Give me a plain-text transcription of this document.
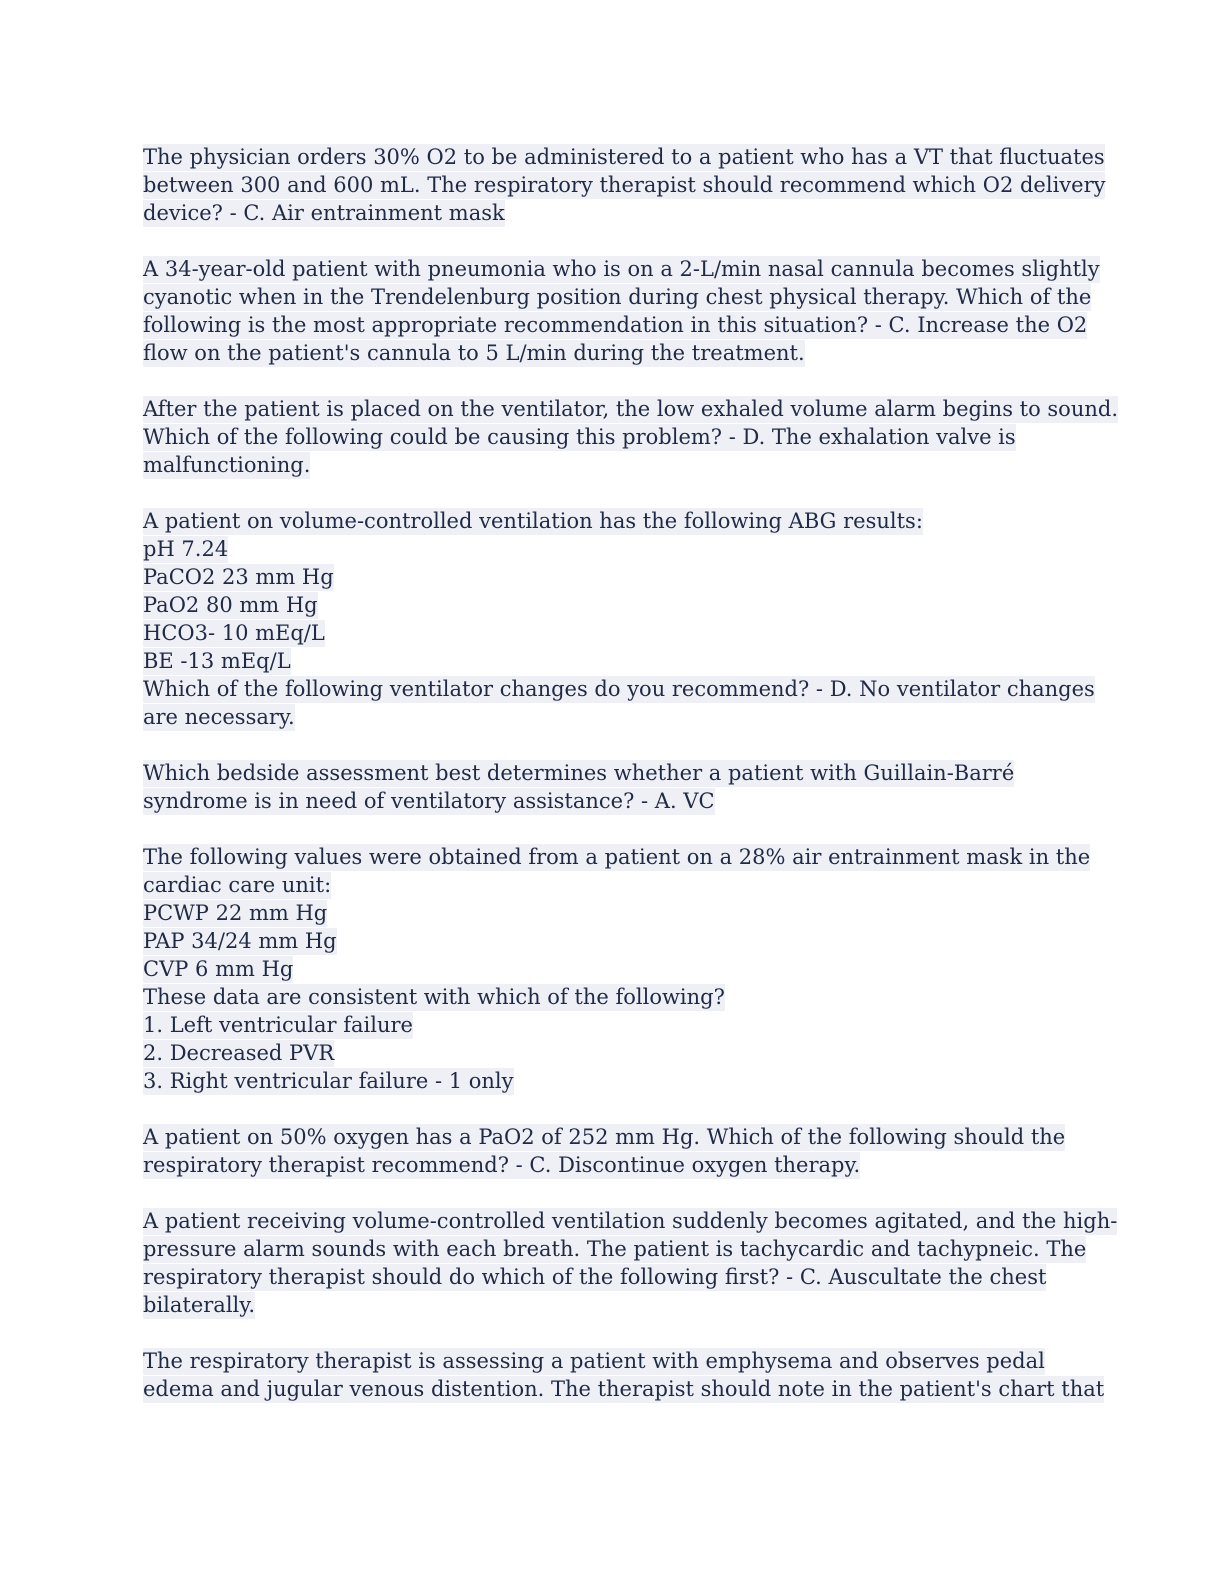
The physician orders 30% O2 to be administered to a patient who has a VT that fluctuates
between 300 and 600 mL. The respiratory therapist should recommend which O2 delivery
device? - C. Air entrainment mask
A 34-year-old patient with pneumonia who is on a 2-L/min nasal cannula becomes slightly
cyanotic when in the Trendelenburg position during chest physical therapy. Which of the
following is the most appropriate recommendation in this situation? - C. Increase the O2
flow on the patient's cannula to 5 L/min during the treatment.
After the patient is placed on the ventilator, the low exhaled volume alarm begins to sound.
Which of the following could be causing this problem? - D. The exhalation valve is
malfunctioning.
A patient on volume-controlled ventilation has the following ABG results:
pH 7.24
PaCO2 23 mm Hg
PaO2 80 mm Hg
HCO3- 10 mEq/L
BE -13 mEq/L
Which of the following ventilator changes do you recommend? - D. No ventilator changes
are necessary.
Which bedside assessment best determines whether a patient with Guillain-Barré
syndrome is in need of ventilatory assistance? - A. VC
The following values were obtained from a patient on a 28% air entrainment mask in the
cardiac care unit:
PCWP 22 mm Hg
PAP 34/24 mm Hg
CVP 6 mm Hg
These data are consistent with which of the following?
1. Left ventricular failure
2. Decreased PVR
3. Right ventricular failure - 1 only
A patient on 50% oxygen has a PaO2 of 252 mm Hg. Which of the following should the
respiratory therapist recommend? - C. Discontinue oxygen therapy.
A patient receiving volume-controlled ventilation suddenly becomes agitated, and the high-
pressure alarm sounds with each breath. The patient is tachycardic and tachypneic. The
respiratory therapist should do which of the following first? - C. Auscultate the chest
bilaterally.
The respiratory therapist is assessing a patient with emphysema and observes pedal
edema and jugular venous distention. The therapist should note in the patient's chart that
